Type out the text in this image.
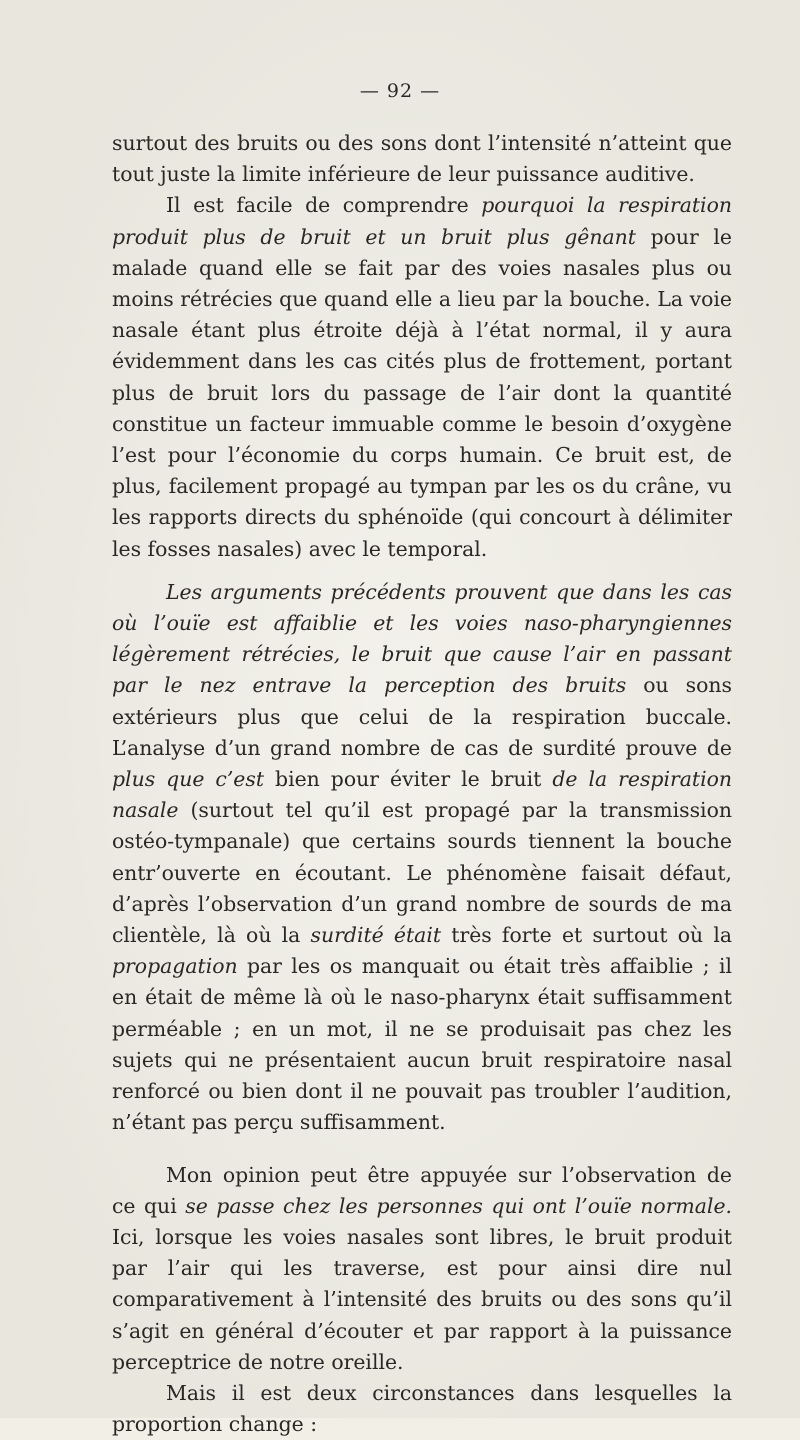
— 92 —

surtout des bruits ou des sons dont l’intensité n’atteint que tout juste la limite inférieure de leur puissance auditive.

Il est facile de comprendre pourquoi la respiration produit plus de bruit et un bruit plus gênant pour le malade quand elle se fait par des voies nasales plus ou moins rétrécies que quand elle a lieu par la bouche. La voie nasale étant plus étroite déjà à l’état normal, il y aura évidemment dans les cas cités plus de frottement, portant plus de bruit lors du passage de l’air dont la quantité constitue un facteur immuable comme le besoin d’oxygène l’est pour l’économie du corps humain. Ce bruit est, de plus, facilement propagé au tympan par les os du crâne, vu les rapports directs du sphénoïde (qui concourt à délimiter les fosses nasales) avec le temporal.

Les arguments précédents prouvent que dans les cas où l’ouïe est affaiblie et les voies naso-pharyngiennes légèrement rétrécies, le bruit que cause l’air en passant par le nez entrave la perception des bruits ou sons extérieurs plus que celui de la respiration buccale. L’analyse d’un grand nombre de cas de surdité prouve de plus que c’est bien pour éviter le bruit de la respiration nasale (surtout tel qu’il est propagé par la transmission ostéo-tympanale) que certains sourds tiennent la bouche entr’ouverte en écoutant. Le phénomène faisait défaut, d’après l’observation d’un grand nombre de sourds de ma clientèle, là où la surdité était très forte et surtout où la propagation par les os manquait ou était très affaiblie ; il en était de même là où le naso-pharynx était suffisamment perméable ; en un mot, il ne se produisait pas chez les sujets qui ne présentaient aucun bruit respiratoire nasal renforcé ou bien dont il ne pouvait pas troubler l’audition, n’étant pas perçu suffisamment.

Mon opinion peut être appuyée sur l’observation de ce qui se passe chez les personnes qui ont l’ouïe normale. Ici, lorsque les voies nasales sont libres, le bruit produit par l’air qui les traverse, est pour ainsi dire nul comparativement à l’intensité des bruits ou des sons qu’il s’agit en général d’écouter et par rapport à la puissance perceptrice de notre oreille.

Mais il est deux circonstances dans lesquelles la proportion change :
